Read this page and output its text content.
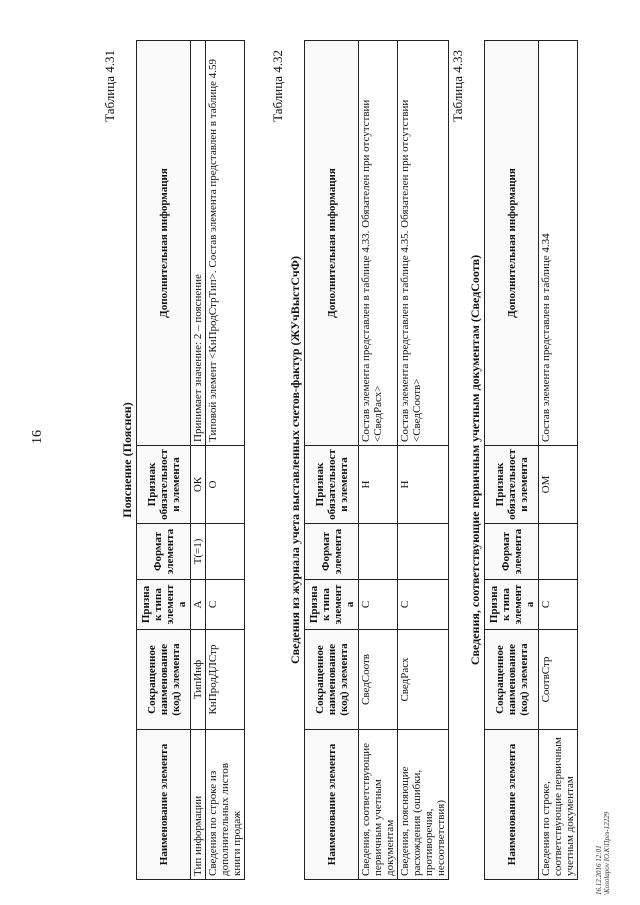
16
Таблица 4.31
Пояснение (Пояснен)
Наименование элемента	Сокращенное наименование (код) элемента	Признак типа элемента	Формат элемента	Признак обязательности элемента	Дополнительная информация
Тип информации	ТипИнф	А	Т(=1)	ОК	Принимает значение: 2 – пояснение
Сведения по строке из дополнительных листов книги продаж	КнПродДЛСтр	С		О	Типовой элемент <КнПродСтрТип>. Состав элемента представлен в таблице 4.59	Таблица 4.32
Сведения из журнала учета выставленных счетов-фактур (ЖУчВыстСчФ)
Наименование элемента	Сокращенное наименование (код) элемента	Признак типа элемента	Формат элемента	Признак обязательности элемента	Дополнительная информация
Сведения, соответствующие первичным учетным документам	СведСоотв	С		Н	Состав элемента представлен в таблице 4.33. Обязателен при отсутствии <СведРасх>
Сведения, поясняющие расхождения (ошибки, противоречия, несоответствия)	СведРасх	С		Н	Состав элемента представлен в таблице 4.35. Обязателен при отсутствии <СведСоотв>
Таблица 4.33
Сведения, соответствующие первичным учетным документам (СведСоотв)
Наименование элемента	Сокращенное наименование (код) элемента	Признак типа элемента	Формат элемента	Признак обязательности элемента	Дополнительная информация
Сведения по строке, соответствующие первичным учетным документам	СоотвСтр	С		ОМ	Состав элемента представлен в таблице 4.34
16.12.2016 12:01 \Kosolapov IO.K\Пргз-12229
